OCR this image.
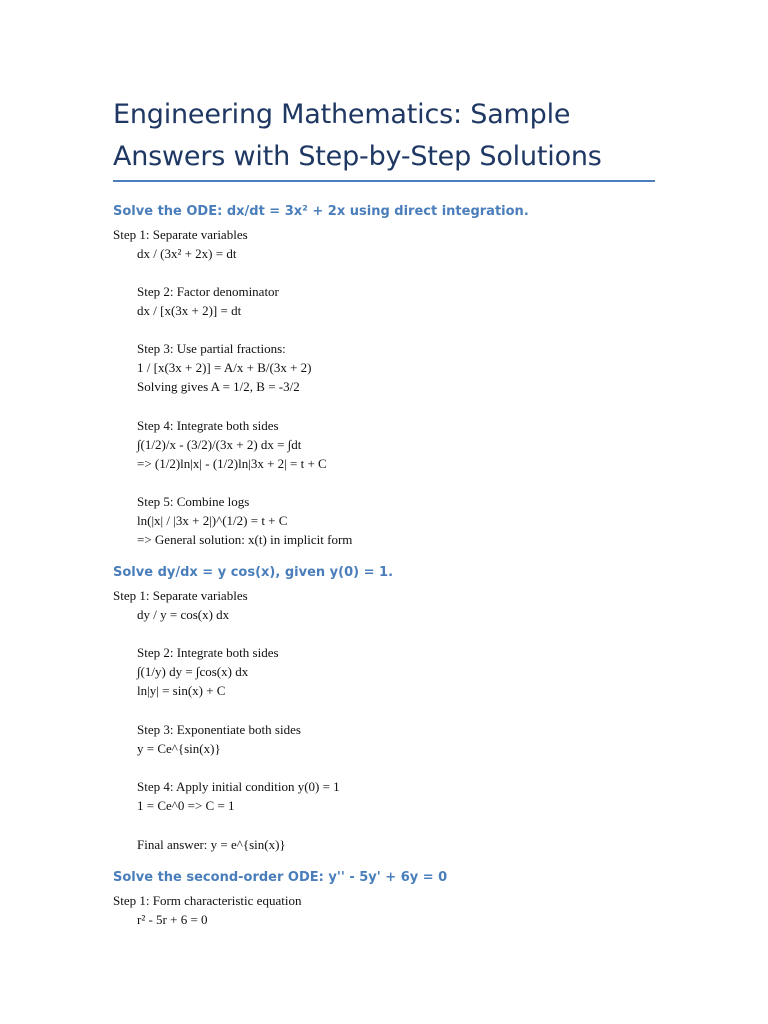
Engineering Mathematics: Sample
Answers with Step-by-Step Solutions
Solve the ODE: dx/dt = 3x² + 2x using direct integration.

Step 1: Separate variables

dx / (3x² + 2x) = dt

Step 2: Factor denominator

dx / [x(3x + 2)] = dt

Step 3: Use partial fractions:

1 / [x(3x + 2)] = A/x + B/(3x + 2)

Solving gives A = 1/2, B = -3/2

Step 4: Integrate both sides

∫(1/2)/x - (3/2)/(3x + 2) dx = ∫dt

=> (1/2)ln|x| - (1/2)ln|3x + 2| = t + C

Step 5: Combine logs

ln(|x| / |3x + 2|)^(1/2) = t + C

=> General solution: x(t) in implicit form

Solve dy/dx = y cos(x), given y(0) = 1.

Step 1: Separate variables

dy / y = cos(x) dx

Step 2: Integrate both sides

∫(1/y) dy = ∫cos(x) dx

ln|y| = sin(x) + C

Step 3: Exponentiate both sides

y = Ce^{sin(x)}

Step 4: Apply initial condition y(0) = 1

1 = Ce^0 => C = 1

Final answer: y = e^{sin(x)}

Solve the second-order ODE: y'' - 5y' + 6y = 0

Step 1: Form characteristic equation

r² - 5r + 6 = 0
